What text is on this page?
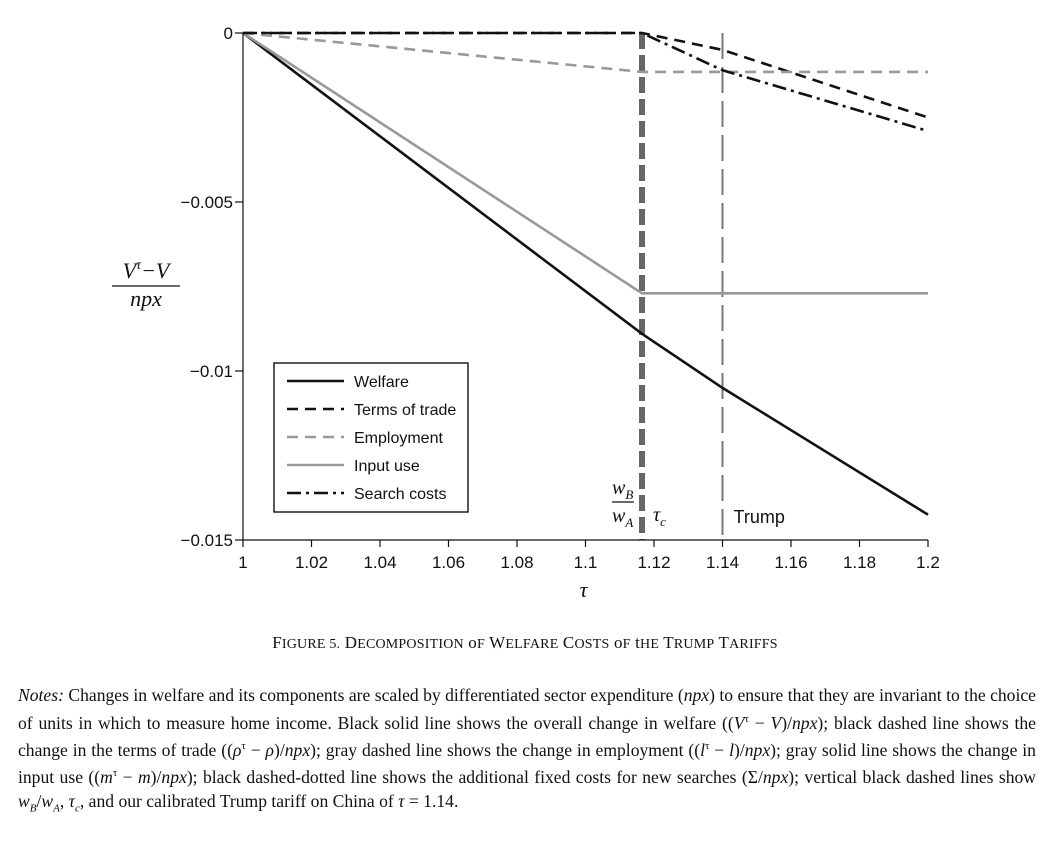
1	1.02 1.04 1.06 1.08 1.1 1.12 1.14 1.16 1.18 1.2
0
−0.005
−0.01
−0.015
τ
$V^\tau-V$
npx
Welfare
Terms of trade
Employment
Input use
Search costs	$w_B$
$w_A$ $\tau_c$	Trump
FIGURE 5. DECOMPOSITION oF WELFARE COSTS oF tHE TRUMP TARIFFS
Notes: Changes in welfare and its components are scaled by differentiated sector expenditure (npx) to ensure that they are invariant to the choice of units in which to measure home income. Black solid line shows the overall change in welfare $((V^\tau - V)/npx)$; black dashed line shows the change in the terms of trade $((\rho^\tau - \rho)/npx)$; gray dashed line shows the change in employment $((l^\tau - l)/npx)$; gray solid line shows the change in input use $((m^\tau - m)/npx)$; black dashed-dotted line shows the additional fixed costs for new searches (Σ/npx); vertical black dashed lines show $w_B/w_A$, $\tau_c$, and our calibrated Trump tariff on China of τ = 1.14.
